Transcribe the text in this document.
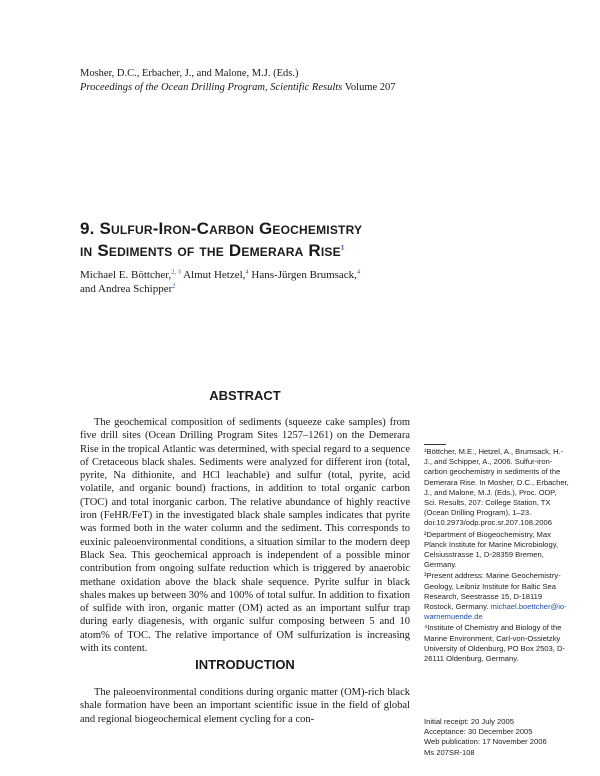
Mosher, D.C., Erbacher, J., and Malone, M.J. (Eds.)
Proceedings of the Ocean Drilling Program, Scientific Results Volume 207
9. Sulfur-Iron-Carbon Geochemistry
in Sediments of the Demerara Rise$^1$
Michael E. Böttcher,$^{2, 3}$ Almut Hetzel,$^4$ Hans-Jürgen Brumsack,$^4$
and Andrea Schipper$^2$
ABSTRACT
The geochemical composition of sediments (squeeze cake samples) from five drill sites (Ocean Drilling Program Sites 1257–1261) on the Demerara Rise in the tropical Atlantic was determined, with special regard to a sequence of Cretaceous black shales. Sediments were analyzed for different iron (total, pyrite, Na dithionite, and HCl leachable) and sulfur (total, pyrite, acid volatile, and organic bound) fractions, in addition to total organic carbon (TOC) and total inorganic carbon. The relative abundance of highly reactive iron (FeHR/FeT) in the investigated black shale samples indicates that pyrite was formed both in the water column and the sediment. This corresponds to euxinic paleoenvironmental conditions, a situation similar to the modern deep Black Sea. This geochemical approach is independent of a possible minor contribution from ongoing sulfate reduction which is triggered by anaerobic methane oxidation above the black shale sequence. Pyrite sulfur in black shales makes up between 30% and 100% of total sulfur. In addition to fixation of sulfide with iron, organic matter (OM) acted as an important sulfur trap during early diagenesis, with organic sulfur composing between 5 and 10 atom% of TOC. The relative importance of OM sulfurization is increasing with its content.
INTRODUCTION
The paleoenvironmental conditions during organic matter (OM)-rich black shale formation have been an important scientific issue in the field of global and regional biogeochemical element cycling for a con-

¹Böttcher, M.E., Hetzel, A., Brumsack, H.-J., and Schipper, A., 2006. Sulfur-iron-carbon geochemistry in sediments of the Demerara Rise. In Mosher, D.C., Erbacher, J., and Malone, M.J. (Eds.), Proc. ODP, Sci. Results, 207: College Station, TX (Ocean Drilling Program), 1–23. doi:10.2973/odp.proc.sr.207.108.2006

²Department of Biogeochemistry, Max Planck Institute for Marine Microbiology, Celsiusstrasse 1, D-28359 Bremen, Germany.

³Present address: Marine Geochemistry-Geology, Leibniz Institute for Baltic Sea Research, Seestrasse 15, D-18119 Rostock, Germany. michael.boettcher@io-warnemuende.de

⁴Institute of Chemistry and Biology of the Marine Environment, Carl-von-Ossietzky University of Oldenburg, PO Box 2503, D-26111 Oldenburg, Germany.

Initial receipt: 20 July 2005
Acceptance: 30 December 2005
Web publication: 17 November 2006
Ms 207SR-108
